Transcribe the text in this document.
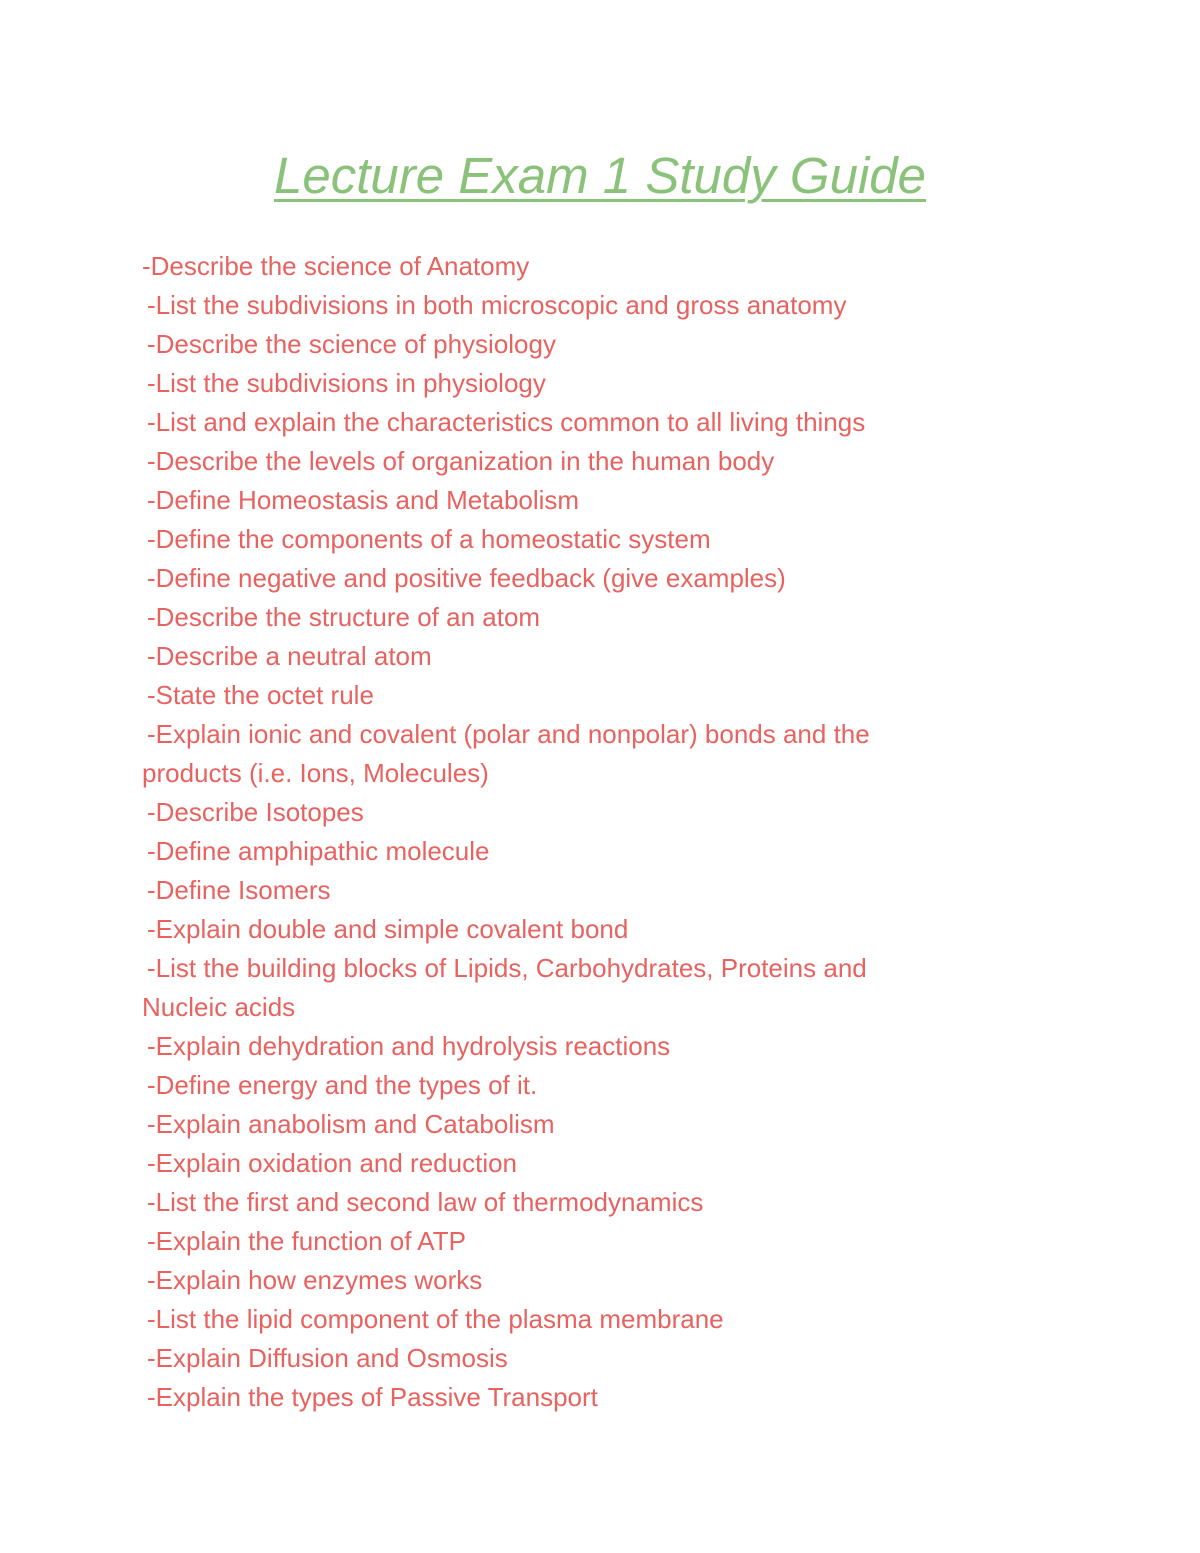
Lecture Exam 1 Study Guide
-Describe the science of Anatomy
-List the subdivisions in both microscopic and gross anatomy
-Describe the science of physiology
-List the subdivisions in physiology
-List and explain the characteristics common to all living things
-Describe the levels of organization in the human body
-Define Homeostasis and Metabolism
-Define the components of a homeostatic system
-Define negative and positive feedback (give examples)
-Describe the structure of an atom
-Describe a neutral atom
-State the octet rule
-Explain ionic and covalent (polar and nonpolar) bonds and the
products (i.e. Ions, Molecules)
-Describe Isotopes
-Define amphipathic molecule
-Define Isomers
-Explain double and simple covalent bond
-List the building blocks of Lipids, Carbohydrates, Proteins and
Nucleic acids
-Explain dehydration and hydrolysis reactions
-Define energy and the types of it.
-Explain anabolism and Catabolism
-Explain oxidation and reduction
-List the first and second law of thermodynamics
-Explain the function of ATP
-Explain how enzymes works
-List the lipid component of the plasma membrane
-Explain Diffusion and Osmosis
-Explain the types of Passive Transport
